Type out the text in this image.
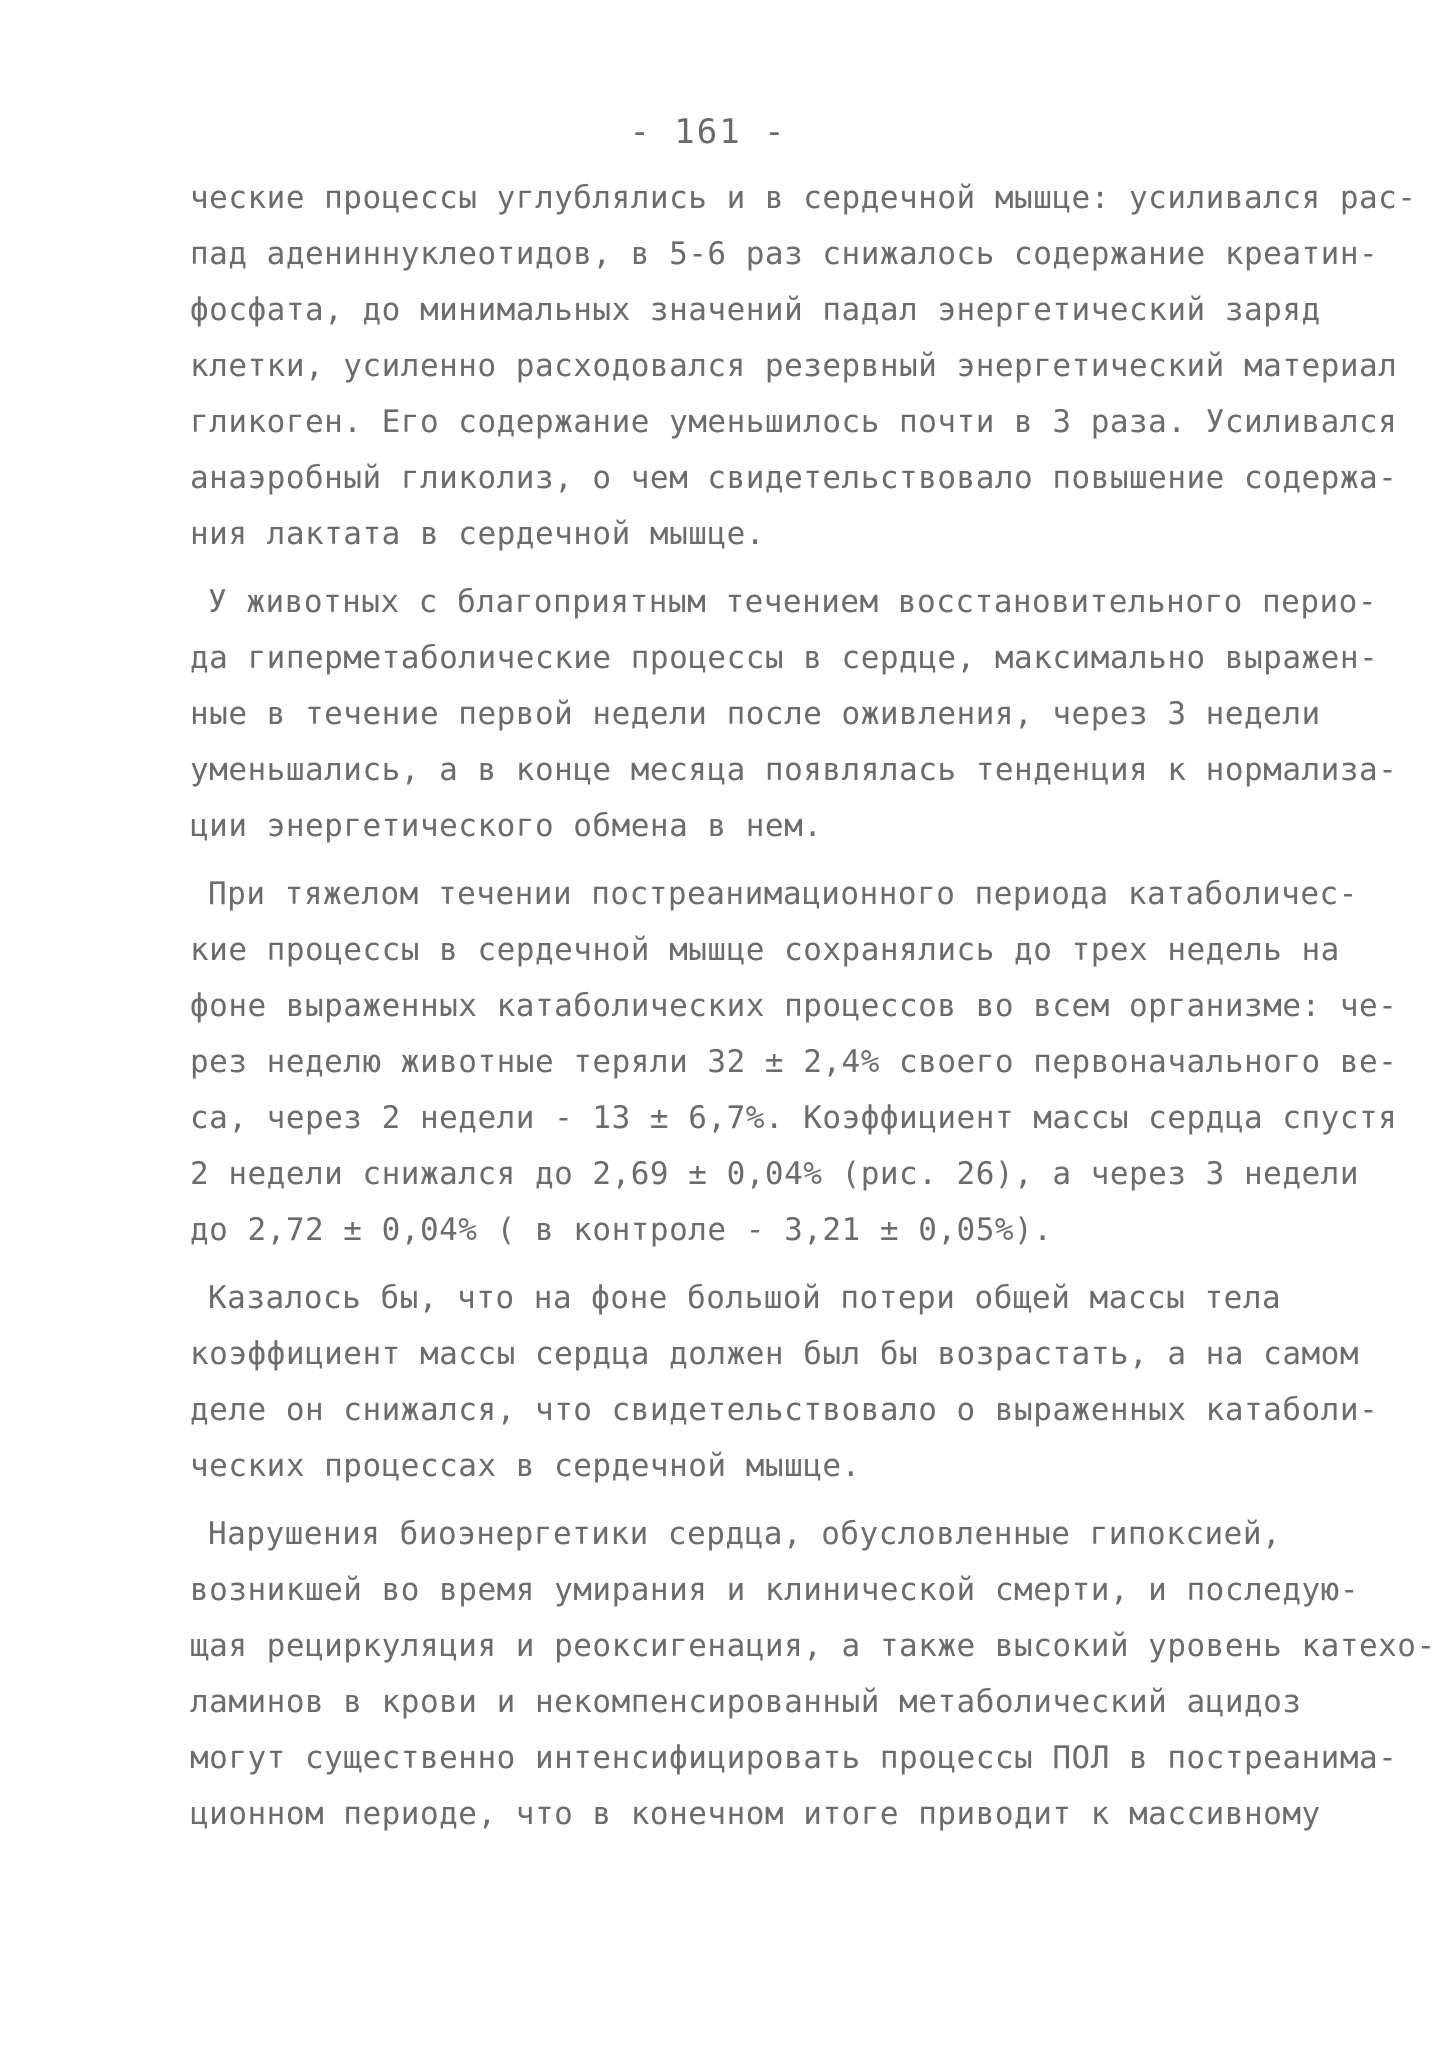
- 161 -
ческие процессы углублялись и в сердечной мышце: усиливался рас-
пад адениннуклеотидов, в 5-6 раз снижалось содержание креатин-
фосфата, до минимальных значений падал энергетический заряд
клетки, усиленно расходовался резервный энергетический материал
гликоген. Его содержание уменьшилось почти в 3 раза. Усиливался
анаэробный гликолиз, о чем свидетельствовало повышение содержа-
ния лактата в сердечной мышце.
У животных с благоприятным течением восстановительного перио-
да гиперметаболические процессы в сердце, максимально выражен-
ные в течение первой недели после оживления, через 3 недели
уменьшались, а в конце месяца появлялась тенденция к нормализа-
ции энергетического обмена в нем.
При тяжелом течении постреанимационного периода катаболичес-
кие процессы в сердечной мышце сохранялись до трех недель на
фоне выраженных катаболических процессов во всем организме: че-
рез неделю животные теряли 32 ± 2,4% своего первоначального ве-
са, через 2 недели - 13 ± 6,7%. Коэффициент массы сердца спустя
2 недели снижался до 2,69 ± 0,04% (рис. 26), а через 3 недели
до 2,72 ± 0,04% ( в контроле - 3,21 ± 0,05%).
Казалось бы, что на фоне большой потери общей массы тела
коэффициент массы сердца должен был бы возрастать, а на самом
деле он снижался, что свидетельствовало о выраженных катаболи-
ческих процессах в сердечной мышце.
Нарушения биоэнергетики сердца, обусловленные гипоксией,
возникшей во время умирания и клинической смерти, и последую-
щая рециркуляция и реоксигенация, а также высокий уровень катехо-
ламинов в крови и некомпенсированный метаболический ацидоз
могут существенно интенсифицировать процессы ПОЛ в постреанима-
ционном периоде, что в конечном итоге приводит к массивному
